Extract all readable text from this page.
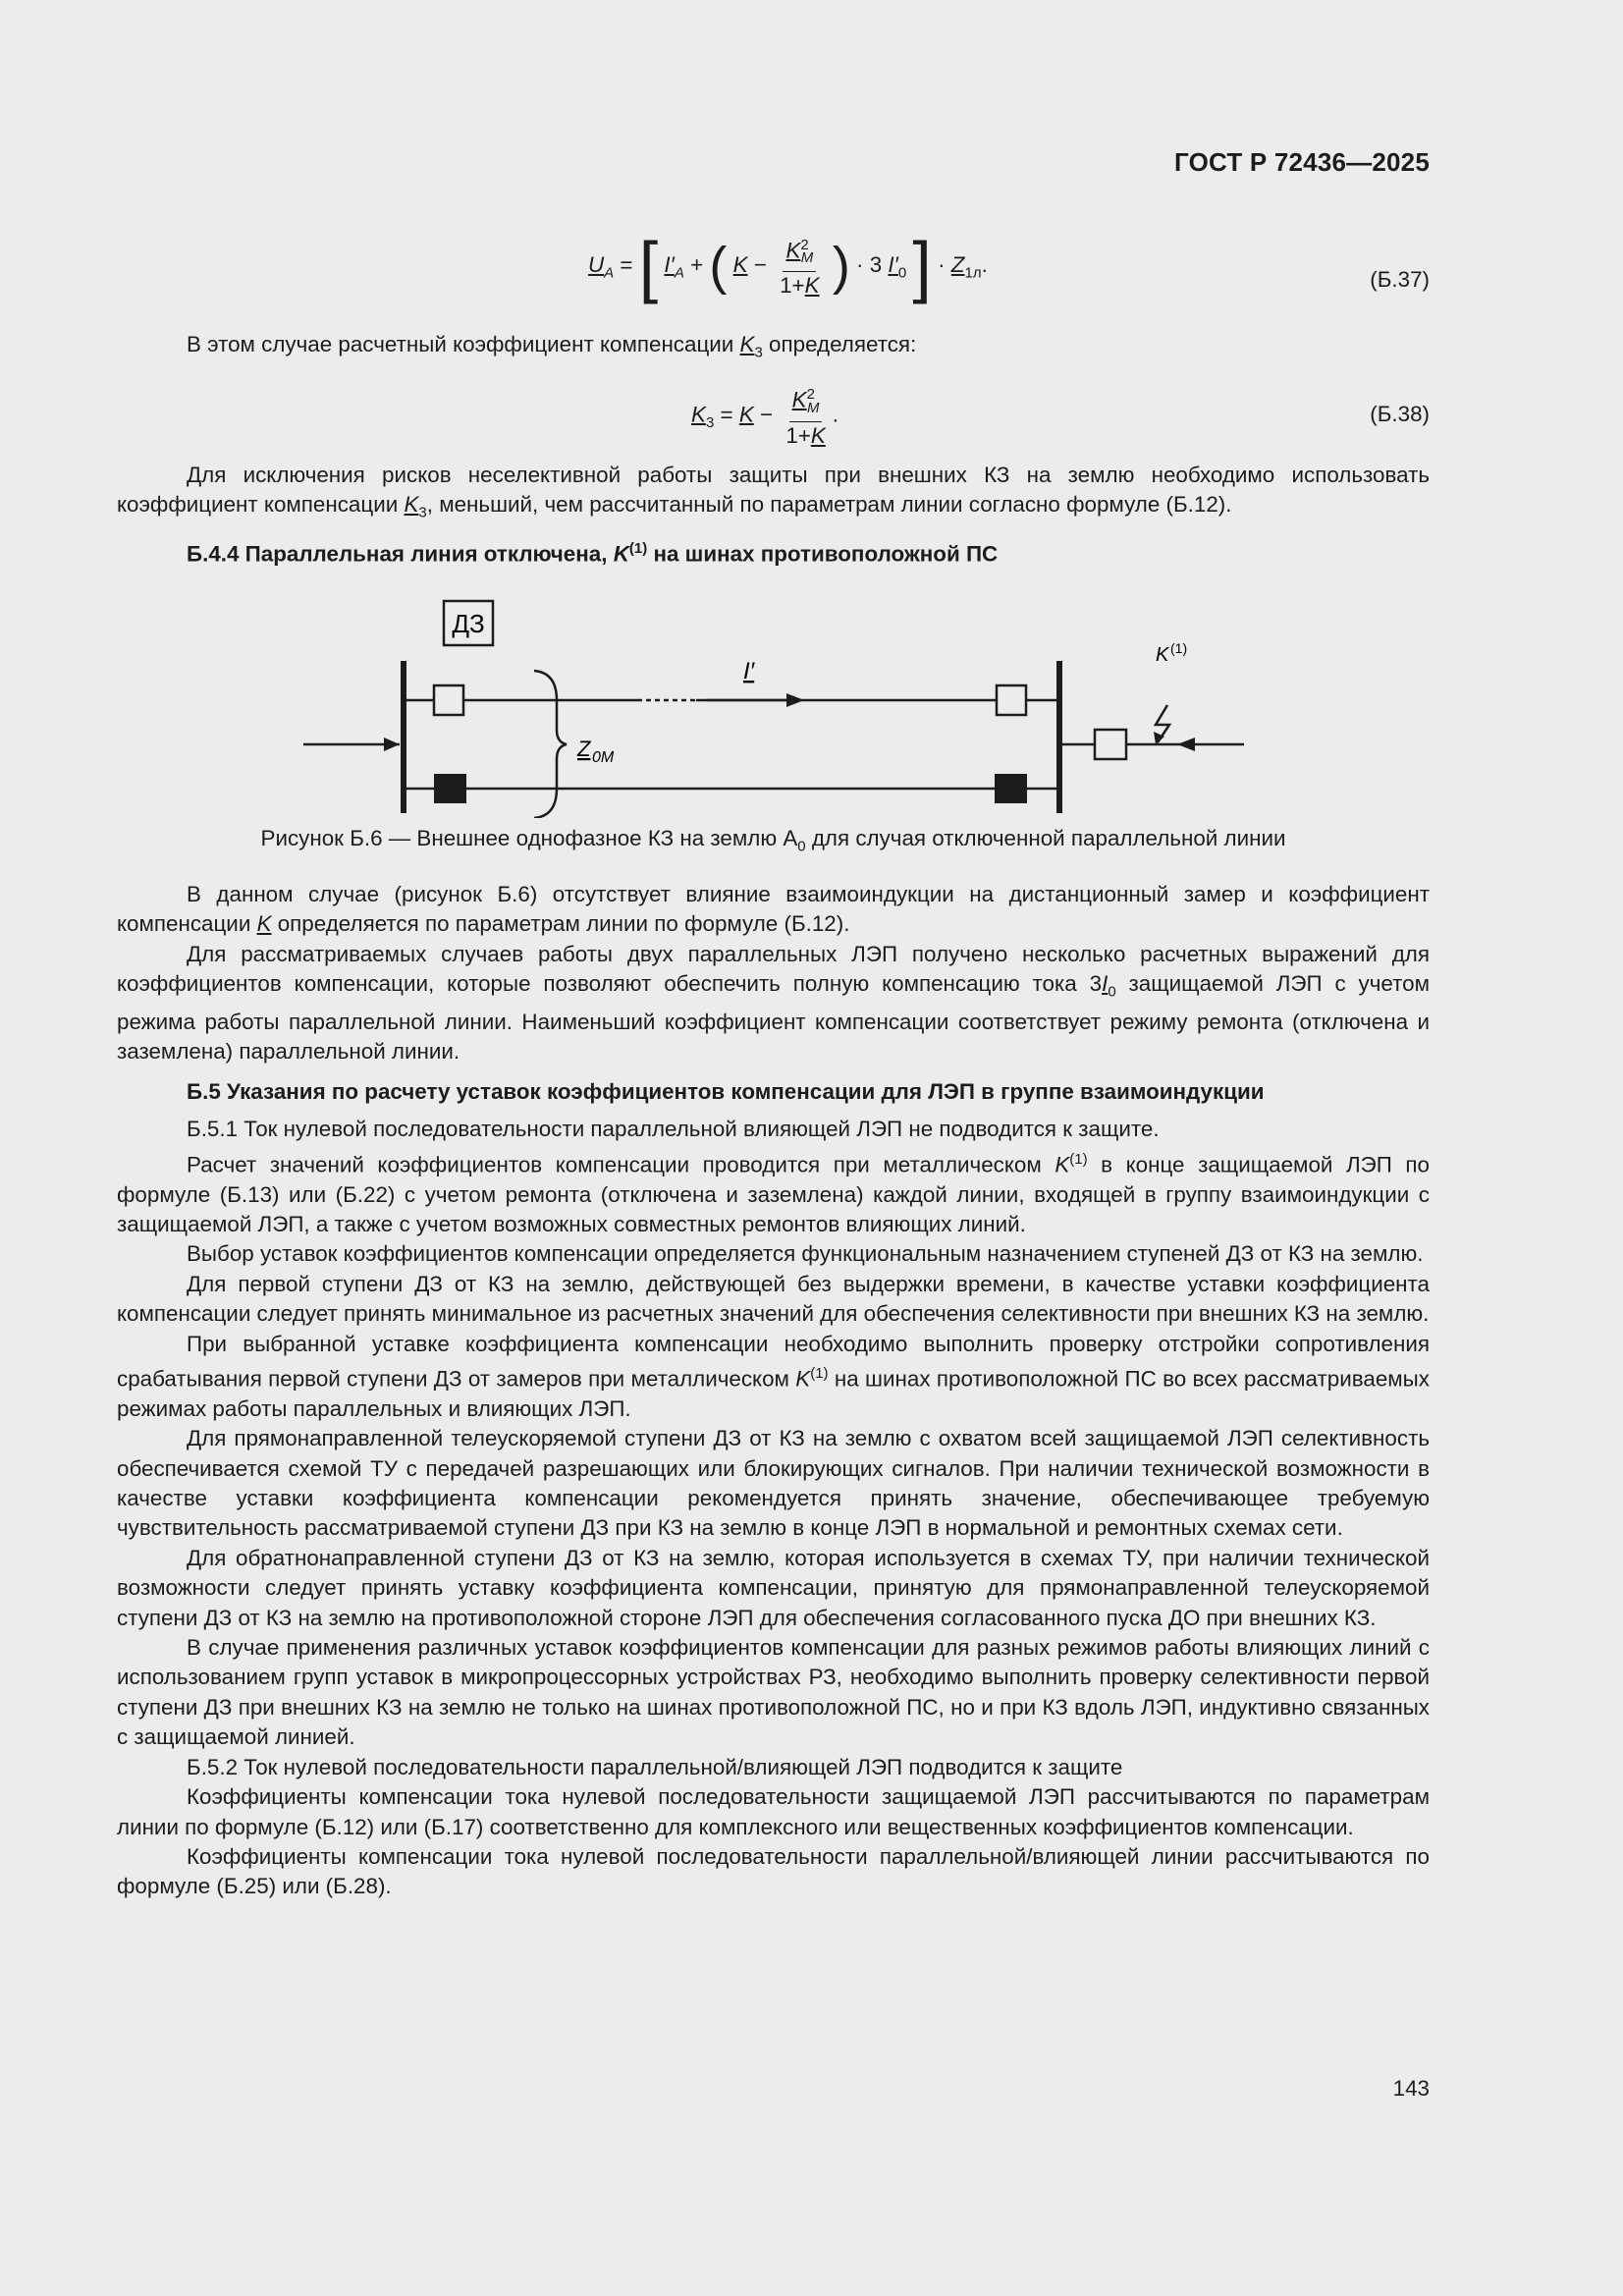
ГОСТ Р 72436—2025
$U_A$ = [ $I'_A$ + ( $K - \frac{K^2_M}{1+K}$ ) · 3 $I'_0$ ] · $Z_{1л}$.
(Б.37)

В этом случае расчетный коэффициент компенсации $K_3$ определяется:

$K_3 = K - \frac{K^2_M}{1+K}$ .	(Б.38)

Для исключения рисков неселективной работы защиты при внешних КЗ на землю необходимо использовать коэффициент компенсации $K_3$, меньший, чем рассчитанный по параметрам линии согласно формуле (Б.12).

Б.4.4 Параллельная линия отключена, $K^{(1)}$ на шинах противоположной ПС

ДЗ
I′
Z 0М
K (1)

Рисунок Б.6 — Внешнее однофазное КЗ на землю $А_0$ для случая отключенной параллельной линии

В данном случае (рисунок Б.6) отсутствует влияние взаимоиндукции на дистанционный замер и коэффициент компенсации K определяется по параметрам линии по формуле (Б.12).

Для рассматриваемых случаев работы двух параллельных ЛЭП получено несколько расчетных выражений для коэффициентов компенсации, которые позволяют обеспечить полную компенсацию тока $3I_0$ защищаемой ЛЭП с учетом режима работы параллельной линии. Наименьший коэффициент компенсации соответствует режиму ремонта (отключена и заземлена) параллельной линии.

Б.5 Указания по расчету уставок коэффициентов компенсации для ЛЭП в группе взаимоиндукции

Б.5.1 Ток нулевой последовательности параллельной влияющей ЛЭП не подводится к защите.

Расчет значений коэффициентов компенсации проводится при металлическом $K^{(1)}$ в конце защищаемой ЛЭП по формуле (Б.13) или (Б.22) с учетом ремонта (отключена и заземлена) каждой линии, входящей в группу взаимоиндукции с защищаемой ЛЭП, а также с учетом возможных совместных ремонтов влияющих линий.

Выбор уставок коэффициентов компенсации определяется функциональным назначением ступеней ДЗ от КЗ на землю.

Для первой ступени ДЗ от КЗ на землю, действующей без выдержки времени, в качестве уставки коэффициента компенсации следует принять минимальное из расчетных значений для обеспечения селективности при внешних КЗ на землю.

При выбранной уставке коэффициента компенсации необходимо выполнить проверку отстройки сопротивления срабатывания первой ступени ДЗ от замеров при металлическом $K^{(1)}$ на шинах противоположной ПС во всех рассматриваемых режимах работы параллельных и влияющих ЛЭП.

Для прямонаправленной телеускоряемой ступени ДЗ от КЗ на землю с охватом всей защищаемой ЛЭП селективность обеспечивается схемой ТУ с передачей разрешающих или блокирующих сигналов. При наличии технической возможности в качестве уставки коэффициента компенсации рекомендуется принять значение, обеспечивающее требуемую чувствительность рассматриваемой ступени ДЗ при КЗ на землю в конце ЛЭП в нормальной и ремонтных схемах сети.

Для обратнонаправленной ступени ДЗ от КЗ на землю, которая используется в схемах ТУ, при наличии технической возможности следует принять уставку коэффициента компенсации, принятую для прямонаправленной телеускоряемой ступени ДЗ от КЗ на землю на противоположной стороне ЛЭП для обеспечения согласованного пуска ДО при внешних КЗ.

В случае применения различных уставок коэффициентов компенсации для разных режимов работы влияющих линий с использованием групп уставок в микропроцессорных устройствах РЗ, необходимо выполнить проверку селективности первой ступени ДЗ при внешних КЗ на землю не только на шинах противоположной ПС, но и при КЗ вдоль ЛЭП, индуктивно связанных с защищаемой линией.

Б.5.2 Ток нулевой последовательности параллельной/влияющей ЛЭП подводится к защите

Коэффициенты компенсации тока нулевой последовательности защищаемой ЛЭП рассчитываются по параметрам линии по формуле (Б.12) или (Б.17) соответственно для комплексного или вещественных коэффициентов компенсации.

Коэффициенты компенсации тока нулевой последовательности параллельной/влияющей линии рассчитываются по формуле (Б.25) или (Б.28).

143
